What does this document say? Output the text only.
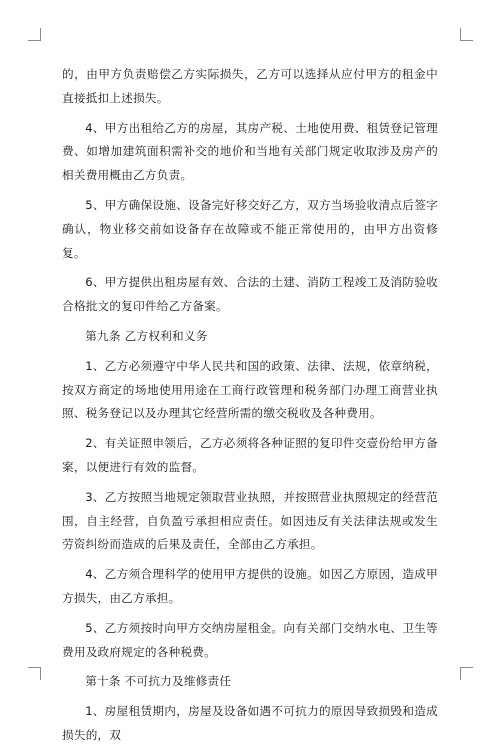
的，由甲方负责赔偿乙方实际损失，乙方可以选择从应付甲方的租金中直接抵扣上述损失。

4、甲方出租给乙方的房屋，其房产税、土地使用费、租赁登记管理费、如增加建筑面积需补交的地价和当地有关部门规定收取涉及房产的相关费用概由乙方负责。

5、甲方确保设施、设备完好移交好乙方，双方当场验收清点后签字确认，物业移交前如设备存在故障或不能正常使用的，由甲方出资修复。

6、甲方提供出租房屋有效、合法的土建、消防工程竣工及消防验收合格批文的复印件给乙方备案。

第九条 乙方权利和义务

1、乙方必须遵守中华人民共和国的政策、法律、法规，依章纳税，按双方商定的场地使用用途在工商行政管理和税务部门办理工商营业执照、税务登记以及办理其它经营所需的缴交税收及各种费用。

2、有关证照申领后，乙方必须将各种证照的复印件交壹份给甲方备案，以便进行有效的监督。

3、乙方按照当地规定领取营业执照，并按照营业执照规定的经营范围，自主经营，自负盈亏承担相应责任。如因违反有关法律法规或发生劳资纠纷而造成的后果及责任，全部由乙方承担。

4、乙方须合理科学的使用甲方提供的设施。如因乙方原因，造成甲方损失，由乙方承担。

5、乙方须按时向甲方交纳房屋租金。向有关部门交纳水电、卫生等费用及政府规定的各种税费。

第十条 不可抗力及维修责任

1、房屋租赁期内，房屋及设备如遇不可抗力的原因导致损毁和造成损失的，双
